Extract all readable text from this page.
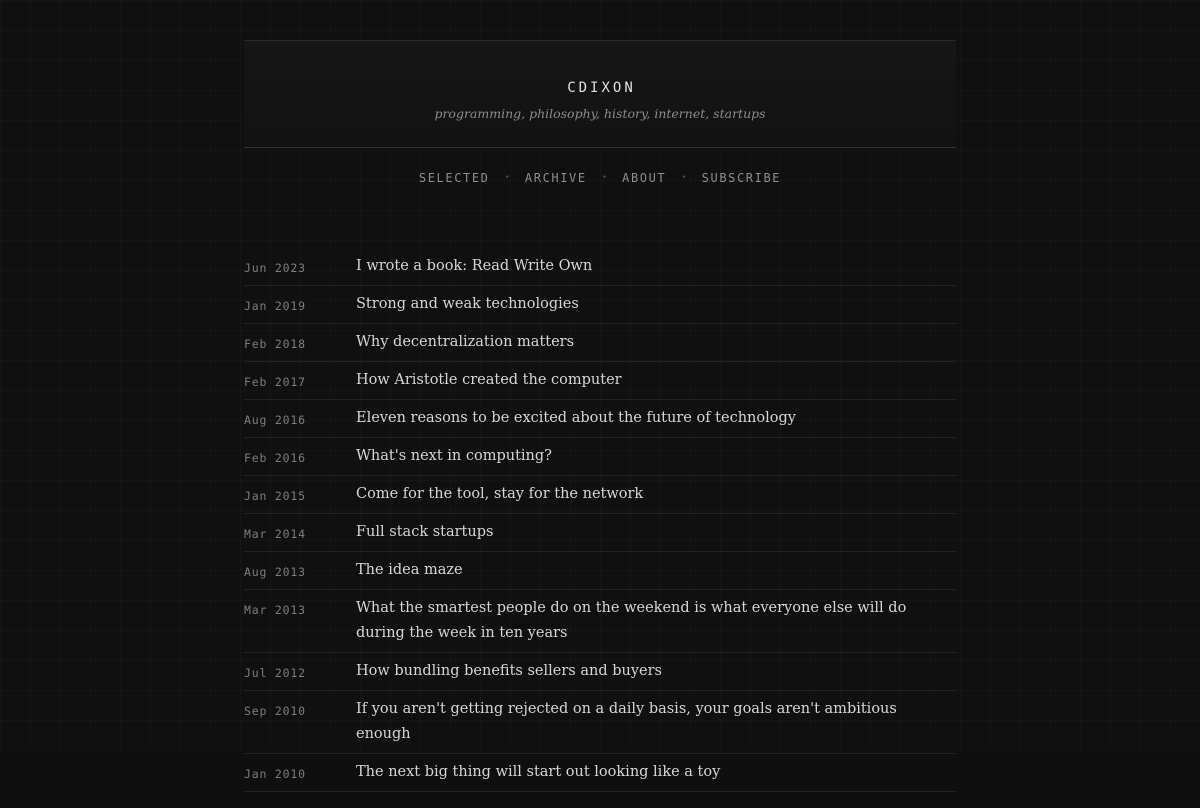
CDIXON
programming, philosophy, history, internet, startups
SELECTED • ARCHIVE • ABOUT • SUBSCRIBE
Jun 2023	I wrote a book: Read Write Own
Jan 2019	Strong and weak technologies
Feb 2018	Why decentralization matters
Feb 2017	How Aristotle created the computer
Aug 2016	Eleven reasons to be excited about the future of technology
Feb 2016	What's next in computing?
Jan 2015	Come for the tool, stay for the network
Mar 2014	Full stack startups
Aug 2013	The idea maze
Mar 2013	What the smartest people do on the weekend is what everyone else will do during the week in ten years
Jul 2012	How bundling benefits sellers and buyers
Sep 2010	If you aren't getting rejected on a daily basis, your goals aren't ambitious enough
Jan 2010	The next big thing will start out looking like a toy
